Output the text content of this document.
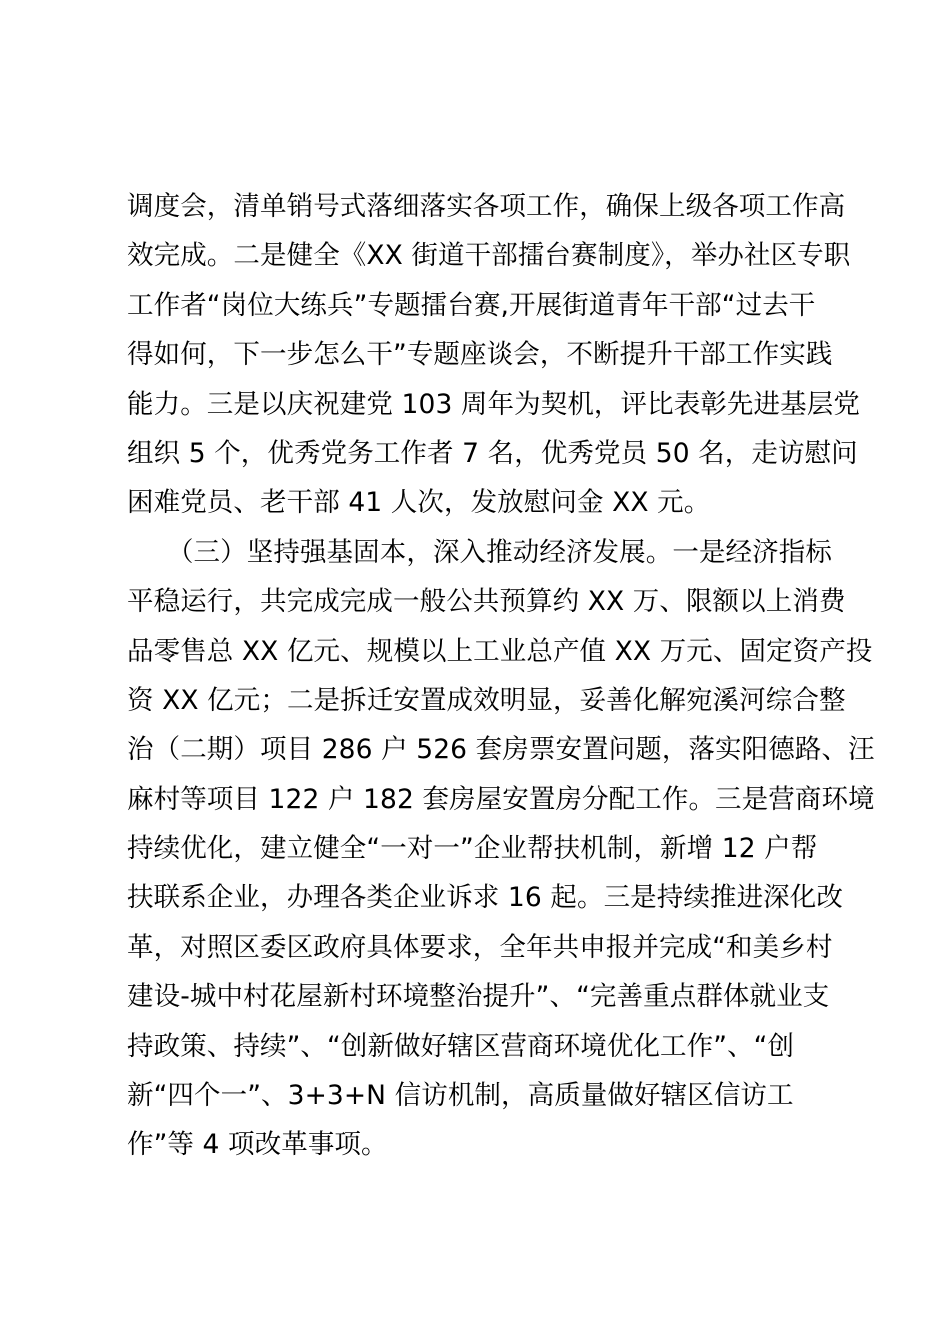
调度会，清单销号式落细落实各项工作，确保上级各项工作高
效完成。二是健全《XX 街道干部擂台赛制度》，举办社区专职
工作者“岗位大练兵”专题擂台赛,开展街道青年干部“过去干
得如何，下一步怎么干”专题座谈会，不断提升干部工作实践
能力。三是以庆祝建党 103 周年为契机，评比表彰先进基层党
组织 5 个，优秀党务工作者 7 名，优秀党员 50 名，走访慰问
困难党员、老干部 41 人次，发放慰问金 XX 元。
　　（三）坚持强基固本，深入推动经济发展。一是经济指标
平稳运行，共完成完成一般公共预算约 XX 万、限额以上消费
品零售总 XX 亿元、规模以上工业总产值 XX 万元、固定资产投
资 XX 亿元；二是拆迁安置成效明显，妥善化解宛溪河综合整
治（二期）项目 286 户 526 套房票安置问题，落实阳德路、汪
麻村等项目 122 户 182 套房屋安置房分配工作。三是营商环境
持续优化，建立健全“一对一”企业帮扶机制，新增 12 户帮
扶联系企业，办理各类企业诉求 16 起。三是持续推进深化改
革，对照区委区政府具体要求，全年共申报并完成“和美乡村
建设-城中村花屋新村环境整治提升”、“完善重点群体就业支
持政策、持续”、“创新做好辖区营商环境优化工作”、“创
新“四个一”、3+3+N 信访机制，高质量做好辖区信访工
作”等 4 项改革事项。
